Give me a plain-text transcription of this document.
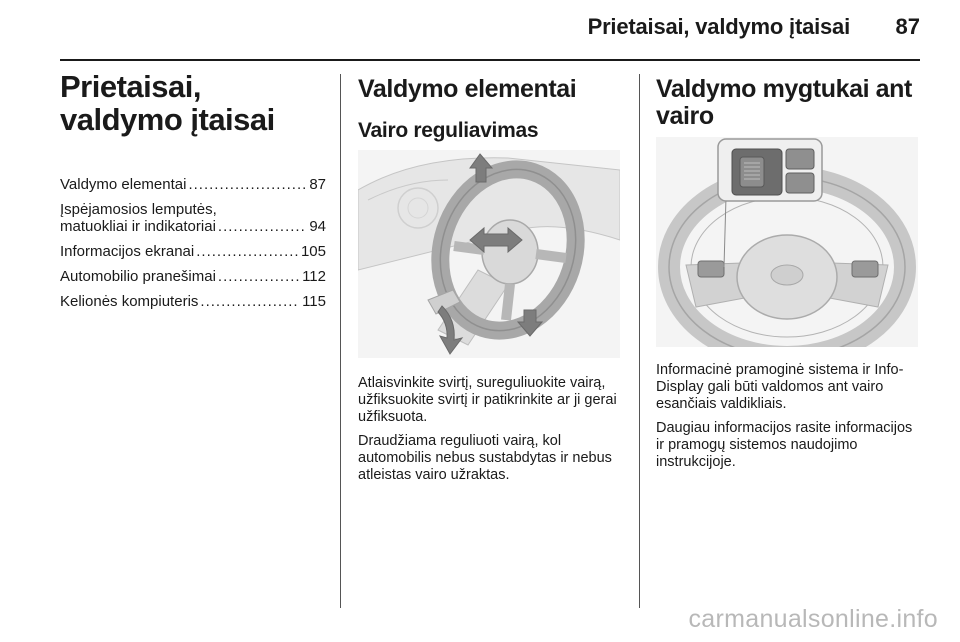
Prietaisai, valdymo įtaisai 87
Prietaisai, valdymo įtaisai
Valdymo elementai .....	87
Įspėjamosios lemputės,
matuokliai ir indikatoriai .....	94
Informacijos ekranai .....	105
Automobilio pranešimai .....	112
Kelionės kompiuteris .....	115
Valdymo elementai
Vairo reguliavimas

Atlaisvinkite svirtį, sureguliuokite vairą, užfiksuokite svirtį ir patikrinkite ar ji gerai užfiksuota.

Draudžiama reguliuoti vairą, kol automobilis nebus sustabdytas ir nebus atleistas vairo užraktas.

Valdymo mygtukai ant vairo

Informacinė pramoginė sistema ir Info-Display gali būti valdomos ant vairo esančiais valdikliais.

Daugiau informacijos rasite informacijos ir pramogų sistemos naudojimo instrukcijoje.

carmanualsonline.info
